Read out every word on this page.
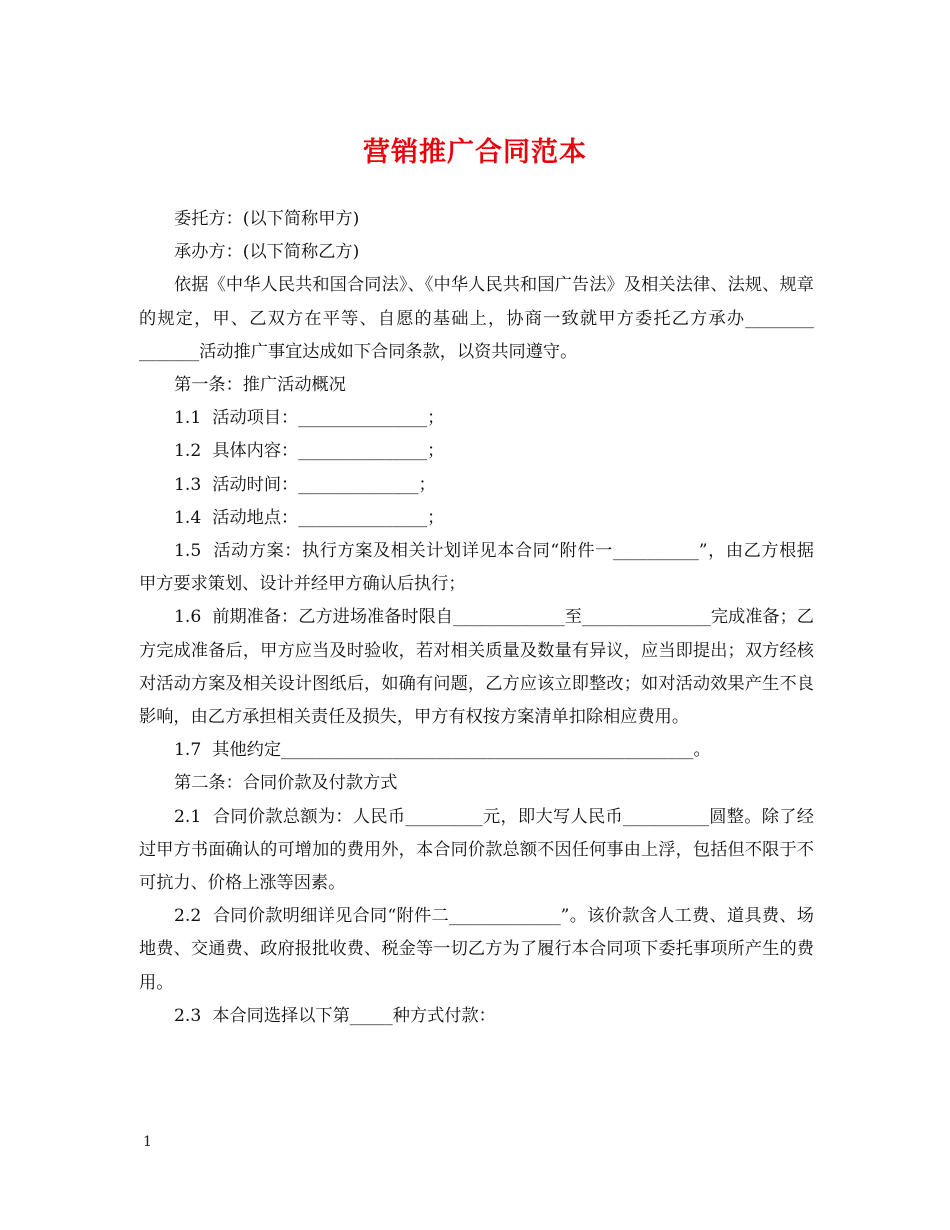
营销推广合同范本

委托方：(以下简称甲方)

承办方：(以下简称乙方)

依据《中华人民共和国合同法》、《中华人民共和国广告法》及相关法律、法规、规章的规定，甲、乙双方在平等、自愿的基础上，协商一致就甲方委托乙方承办________ _______活动推广事宜达成如下合同条款，以资共同遵守。

第一条：推广活动概况

1.1  活动项目：_______________；

1.2  具体内容：_______________；

1.3  活动时间：______________；

1.4  活动地点：_______________；

1.5  活动方案：执行方案及相关计划详见本合同“附件一__________”，由乙方根据甲方要求策划、设计并经甲方确认后执行；

1.6  前期准备：乙方进场准备时限自_____________至_______________完成准备；乙方完成准备后，甲方应当及时验收，若对相关质量及数量有异议，应当即提出；双方经核对活动方案及相关设计图纸后，如确有问题，乙方应该立即整改；如对活动效果产生不良影响，由乙方承担相关责任及损失，甲方有权按方案清单扣除相应费用。

1.7  其他约定________________________________________________。

第二条：合同价款及付款方式

2.1  合同价款总额为：人民币_________元，即大写人民币__________圆整。除了经过甲方书面确认的可增加的费用外，本合同价款总额不因任何事由上浮，包括但不限于不可抗力、价格上涨等因素。

2.2  合同价款明细详见合同“附件二_____________”。该价款含人工费、道具费、场地费、交通费、政府报批收费、税金等一切乙方为了履行本合同项下委托事项所产生的费用。

2.3  本合同选择以下第_____种方式付款：

1
